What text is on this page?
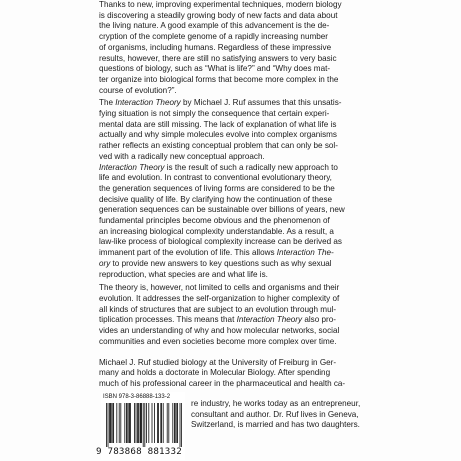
Thanks to new, improving experimental techniques, modern biology
is discovering a steadily growing body of new facts and data about
the living nature. A good example of this advancement is the de-
cryption of the complete genome of a rapidly increasing number
of organisms, including humans. Regardless of these impressive
results, however, there are still no satisfying answers to very basic
questions of biology, such as “What is life?” and “Why does mat-
ter organize into biological forms that become more complex in the
course of evolution?”.
The Interaction Theory by Michael J. Ruf assumes that this unsatis-
fying situation is not simply the consequence that certain experi-
mental data are still missing. The lack of explanation of what life is
actually and why simple molecules evolve into complex organisms
rather reflects an existing conceptual problem that can only be sol-
ved with a radically new conceptual approach.
Interaction Theory is the result of such a radically new approach to
life and evolution. In contrast to conventional evolutionary theory,
the generation sequences of living forms are considered to be the
decisive quality of life. By clarifying how the continuation of these
generation sequences can be sustainable over billions of years, new
fundamental principles become obvious and the phenomenon of
an increasing biological complexity understandable. As a result, a
law-like process of biological complexity increase can be derived as
immanent part of the evolution of life. This allows Interaction The-
ory to provide new answers to key questions such as why sexual
reproduction, what species are and what life is.
The theory is, however, not limited to cells and organisms and their
evolution. It addresses the self-organization to higher complexity of
all kinds of structures that are subject to an evolution through mul-
tiplication processes. This means that Interaction Theory also pro-
vides an understanding of why and how molecular networks, social
communities and even societies become more complex over time.
Michael J. Ruf studied biology at the University of Freiburg in Ger-
many and holds a doctorate in Molecular Biology. After spending
much of his professional career in the pharmaceutical and health ca-
re industry, he works today as an entrepreneur,
consultant and author. Dr. Ruf lives in Geneva,
Switzerland, is married and has two daughters.
ISBN 978-3-86888-133-2
9 783868 881332
